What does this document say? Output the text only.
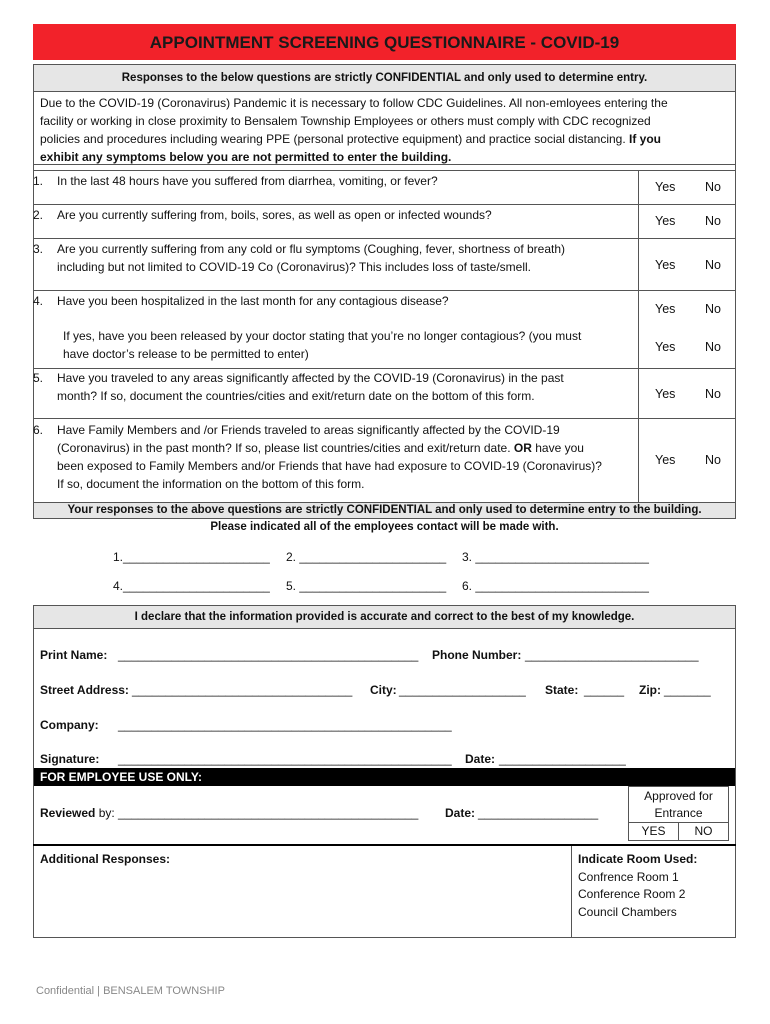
APPOINTMENT SCREENING QUESTIONNAIRE - COVID-19
Responses to the below questions are strictly CONFIDENTIAL and only used to determine entry.
Due to the COVID-19 (Coronavirus) Pandemic it is necessary to follow CDC Guidelines. All non-emloyees entering the
facility or working in close proximity to Bensalem Township Employees or others must comply with CDC recognized
policies and procedures including wearing PPE (personal protective equipment) and practice social distancing. If you
exhibit any symptoms below you are not permitted to enter the building.
1. In the last 48 hours have you suffered from diarrhea, vomiting, or fever?	Yes No
2. Are you currently suffering from, boils, sores, as well as open or infected wounds?	Yes No
3. Are you currently suffering from any cold or flu symptoms (Coughing, fever, shortness of breath)
including but not limited to COVID-19 Co (Coronavirus)? This includes loss of taste/smell.	Yes No
4. Have you been hospitalized in the last month for any contagious disease?
Yes No
If yes, have you been released by your doctor stating that you’re no longer contagious? (you must
have doctor’s release to be permitted to enter)	Yes No
5. Have you traveled to any areas significantly affected by the COVID-19 (Coronavirus) in the past
month? If so, document the countries/cities and exit/return date on the bottom of this form.	Yes No
6. Have Family Members and /or Friends traveled to areas significantly affected by the COVID-19
(Coronavirus) in the past month? If so, please list countries/cities and exit/return date. OR have you
been exposed to Family Members and/or Friends that have had exposure to COVID-19 (Coronavirus)?
If so, document the information on the bottom of this form.
Yes No
Your responses to the above questions are strictly CONFIDENTIAL and only used to determine entry to the building.
Please indicated all of the employees contact will be made with.
1.______________________ 2. ______________________ 3. __________________________
4.______________________ 5. ______________________ 6. __________________________
I declare that the information provided is accurate and correct to the best of my knowledge.
Print Name: _____________________________________________ Phone Number: __________________________
Street Address: _________________________________ City: ___________________ State: ______ Zip: _______
Company: __________________________________________________
Signature: __________________________________________________ Date: ___________________
FOR EMPLOYEE USE ONLY:
Reviewed by: _____________________________________________ Date: __________________
Approved for
Entrance
YES	NO
Additional Responses:	Indicate Room Used:
Confrence Room 1
Conference Room 2
Council Chambers
Confidential | BENSALEM TOWNSHIP
